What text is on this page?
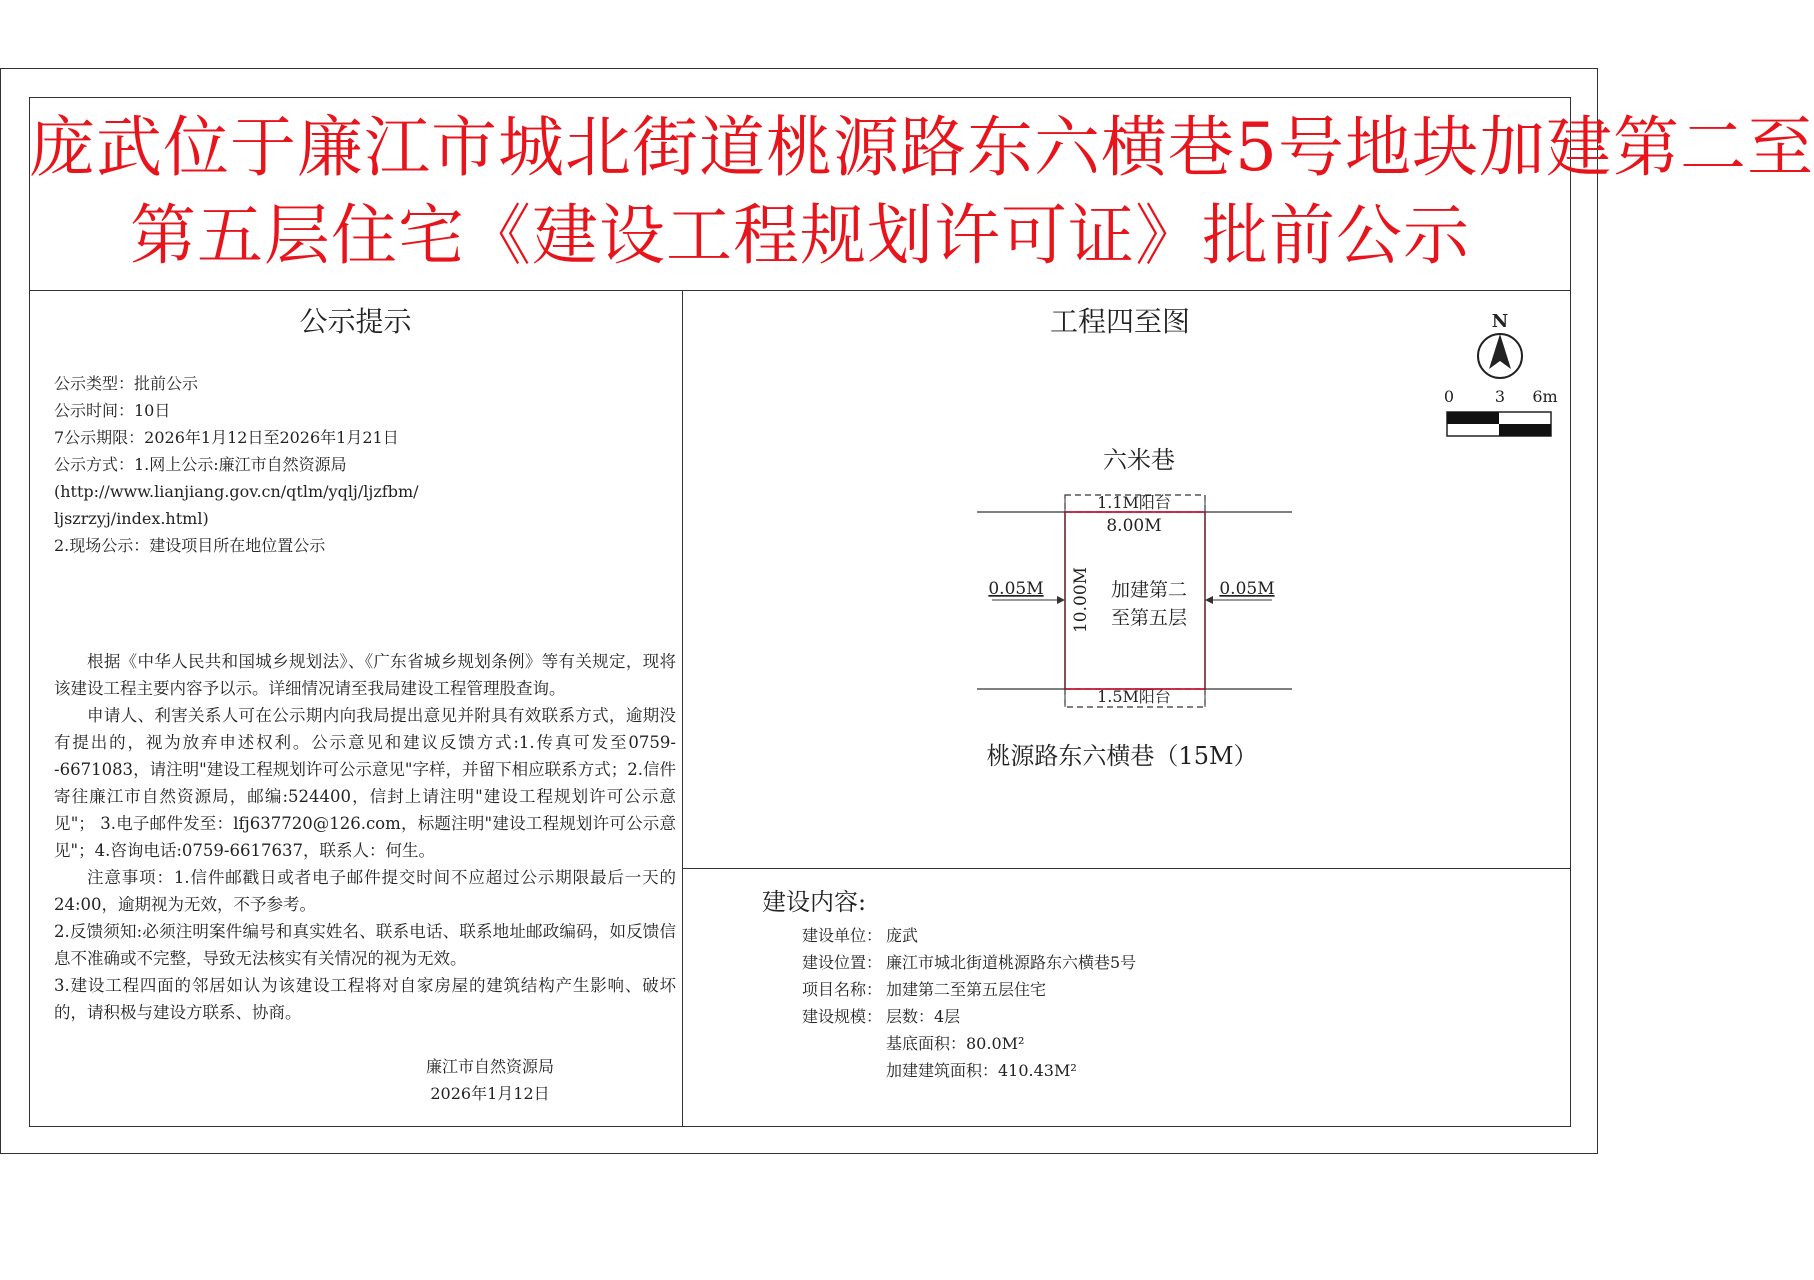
庞武位于廉江市城北街道桃源路东六横巷5号地块加建第二至
第五层住宅《建设工程规划许可证》批前公示
公示提示
公示类型：批前公示
公示时间：10日
7公示期限：2026年1月12日至2026年1月21日
公示方式：1.网上公示:廉江市自然资源局
(http://www.lianjiang.gov.cn/qtlm/yqlj/ljzfbm/
ljszrzyj/index.html)
2.现场公示：建设项目所在地位置公示

根据《中华人民共和国城乡规划法》、《广东省城乡规划条例》等有关规定，现将该建设工程主要内容予以示。详细情况请至我局建设工程管理股查询。

申请人、利害关系人可在公示期内向我局提出意见并附具有效联系方式，逾期没有提出的，视为放弃申述权利。公示意见和建议反馈方式:1.传真可发至0759--6671083，请注明"建设工程规划许可公示意见"字样，并留下相应联系方式；2.信件寄往廉江市自然资源局，邮编:524400，信封上请注明"建设工程规划许可公示意见"； 3.电子邮件发至：lfj637720@126.com，标题注明"建设工程规划许可公示意见"；4.咨询电话:0759-6617637，联系人：何生。

注意事项：1.信件邮戳日或者电子邮件提交时间不应超过公示期限最后一天的24:00，逾期视为无效，不予参考。

2.反馈须知:必须注明案件编号和真实姓名、联系电话、联系地址邮政编码，如反馈信息不准确或不完整，导致无法核实有关情况的视为无效。

3.建设工程四面的邻居如认为该建设工程将对自家房屋的建筑结构产生影响、破坏的，请积极与建设方联系、协商。

廉江市自然资源局
2026年1月12日
工程四至图	N
0	3 6m
六米巷
桃源路东六横巷（15M）
1.1M阳台
1.5M阳台
8.00M
10.00M 加建第二
至第五层
0.05M	0.05M
建设内容:
建设单位： 庞武
建设位置： 廉江市城北街道桃源路东六横巷5号
项目名称： 加建第二至第五层住宅
建设规模： 层数：4层
基底面积：80.0M²
加建建筑面积：410.43M²
